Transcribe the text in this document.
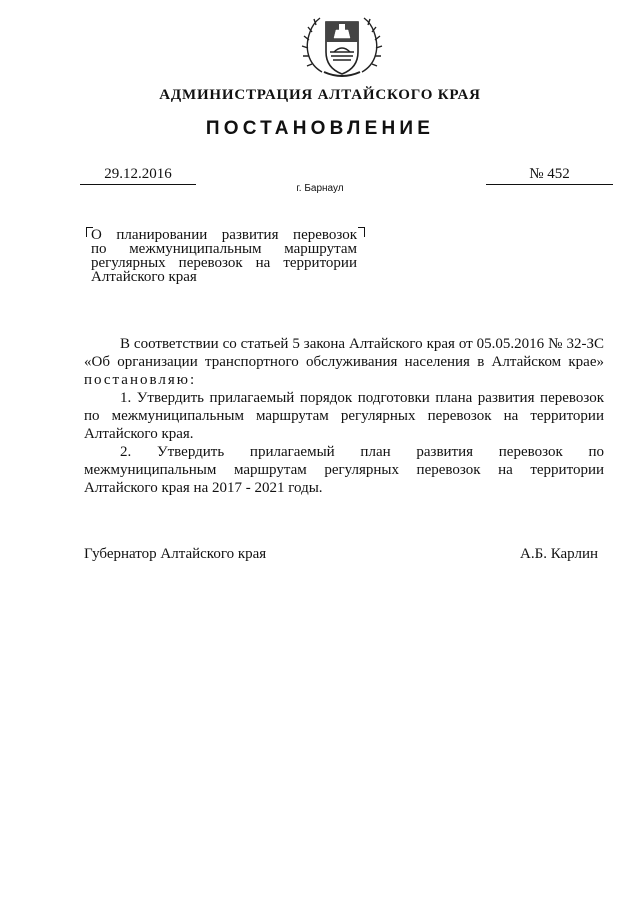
АДМИНИСТРАЦИЯ АЛТАЙСКОГО КРАЯ
ПОСТАНОВЛЕНИЕ
29.12.2016	№ 452
г. Барнаул
О планировании развития перевозок
по межмуниципальным маршрутам
регулярных перевозок на территории
Алтайского края

В соответствии со статьей 5 закона Алтайского края от 05.05.2016 № 32-ЗС «Об организации транспортного обслуживания населения в Алтайском крае» постановляю:

1. Утвердить прилагаемый порядок подготовки плана развития перевозок по межмуниципальным маршрутам регулярных перевозок на территории Алтайского края.

2. Утвердить прилагаемый план развития перевозок по межмуниципальным маршрутам регулярных перевозок на территории Алтайского края на 2017 - 2021 годы.

Губернатор Алтайского края	А.Б. Карлин
